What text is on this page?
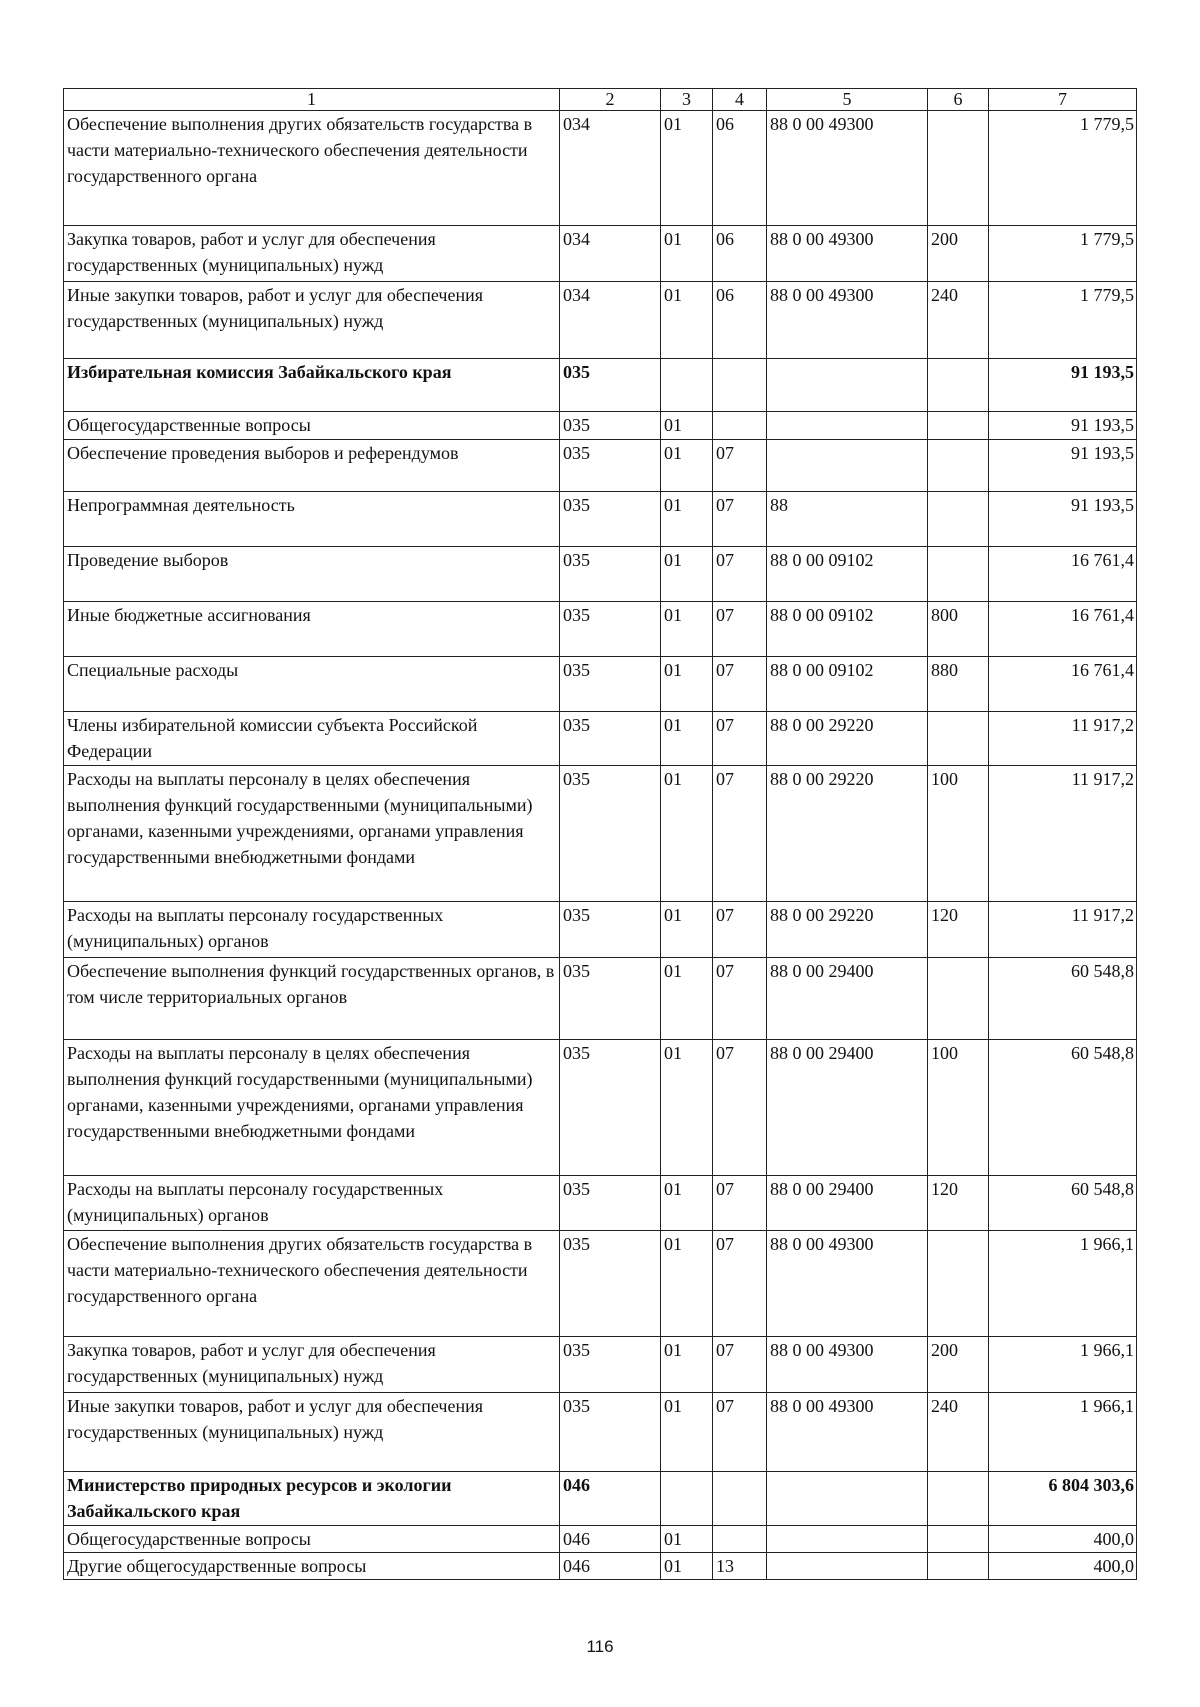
1	2	3	4	5	6	7
Обеспечение выполнения других обязательств государства в части материально-технического обеспечения деятельности государственного органа	034	01	06	88 0 00 49300		1 779,5
Закупка товаров, работ и услуг для обеспечения государственных (муниципальных) нужд	034	01	06	88 0 00 49300	200	1 779,5
Иные закупки товаров, работ и услуг для обеспечения государственных (муниципальных) нужд	034	01	06	88 0 00 49300	240	1 779,5
Избирательная комиссия Забайкальского края	035					91 193,5
Общегосударственные вопросы	035	01				91 193,5
Обеспечение проведения выборов и референдумов	035	01	07			91 193,5
Непрограммная деятельность	035	01	07	88		91 193,5
Проведение выборов	035	01	07	88 0 00 09102		16 761,4
Иные бюджетные ассигнования	035	01	07	88 0 00 09102	800	16 761,4
Специальные расходы	035	01	07	88 0 00 09102	880	16 761,4
Члены избирательной комиссии субъекта Российской Федерации	035	01	07	88 0 00 29220		11 917,2
Расходы на выплаты персоналу в целях обеспечения выполнения функций государственными (муниципальными) органами, казенными учреждениями, органами управления государственными внебюджетными фондами	035	01	07	88 0 00 29220	100	11 917,2
Расходы на выплаты персоналу государственных (муниципальных) органов	035	01	07	88 0 00 29220	120	11 917,2
Обеспечение выполнения функций государственных органов, в том числе территориальных органов	035	01	07	88 0 00 29400		60 548,8
Расходы на выплаты персоналу в целях обеспечения выполнения функций государственными (муниципальными) органами, казенными учреждениями, органами управления государственными внебюджетными фондами	035	01	07	88 0 00 29400	100	60 548,8
Расходы на выплаты персоналу государственных (муниципальных) органов	035	01	07	88 0 00 29400	120	60 548,8
Обеспечение выполнения других обязательств государства в части материально-технического обеспечения деятельности государственного органа	035	01	07	88 0 00 49300		1 966,1
Закупка товаров, работ и услуг для обеспечения государственных (муниципальных) нужд	035	01	07	88 0 00 49300	200	1 966,1
Иные закупки товаров, работ и услуг для обеспечения государственных (муниципальных) нужд	035	01	07	88 0 00 49300	240	1 966,1
Министерство природных ресурсов и экологии Забайкальского края	046					6 804 303,6
Общегосударственные вопросы	046	01				400,0
Другие общегосударственные вопросы	046	01	13			400,0
116
